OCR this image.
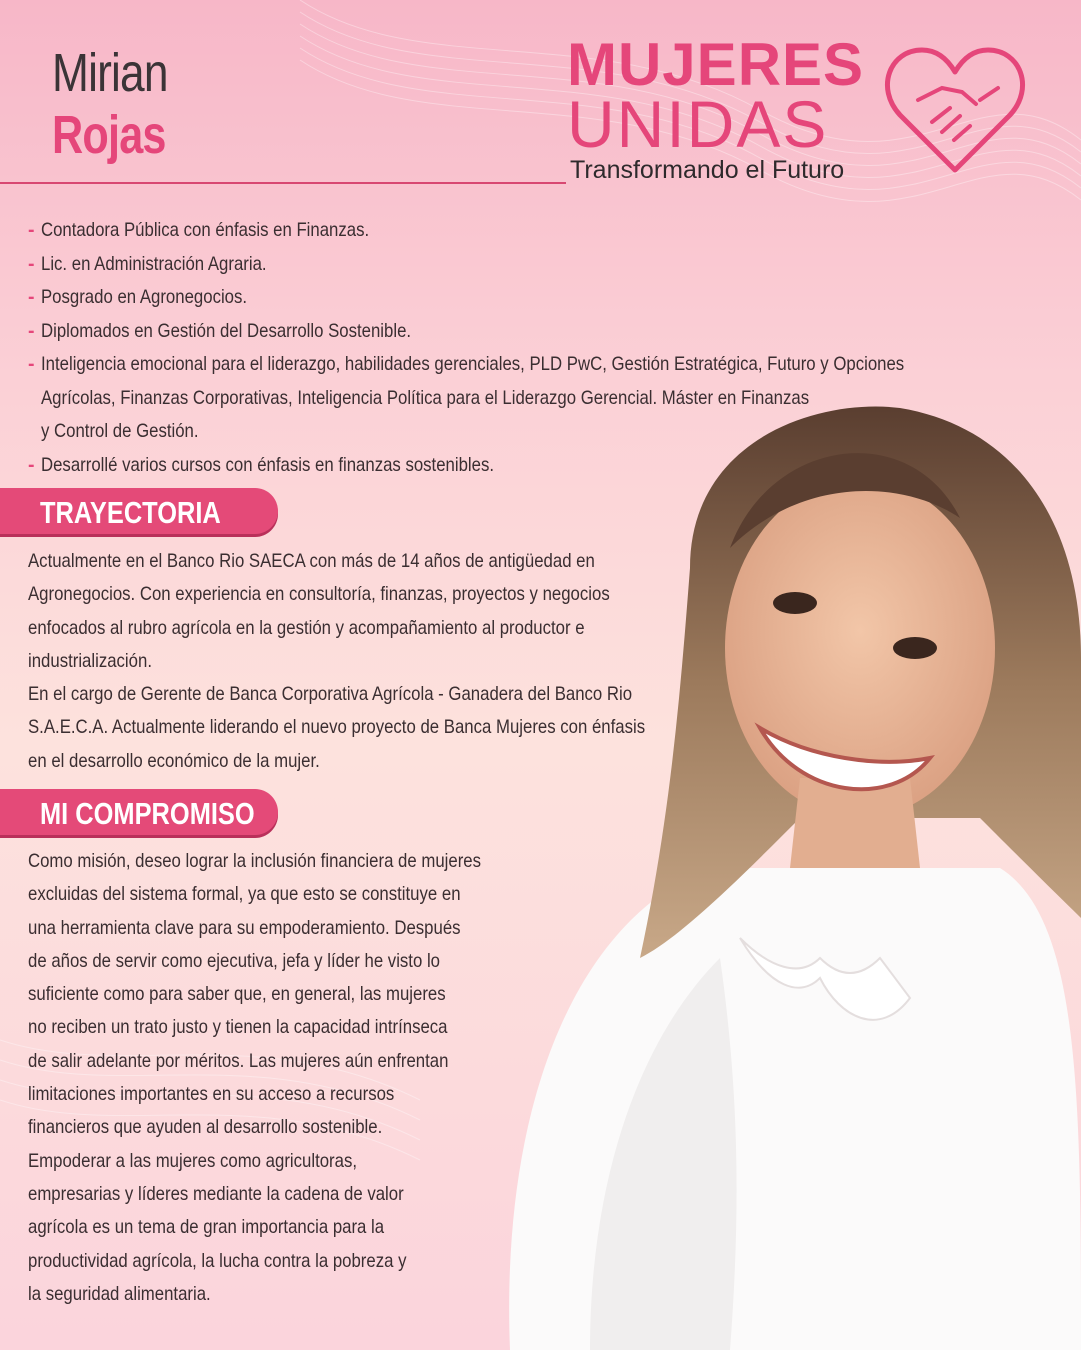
Mirian
Rojas
MUJERES
UNIDAS
Transformando el Futuro
- Contadora Pública con énfasis en Finanzas.
- Lic. en Administración Agraria.
- Posgrado en Agronegocios.
- Diplomados en Gestión del Desarrollo Sostenible.
- Inteligencia emocional para el liderazgo, habilidades gerenciales, PLD PwC, Gestión Estratégica, Futuro y Opciones
Agrícolas, Finanzas Corporativas, Inteligencia Política para el Liderazgo Gerencial. Máster en Finanzas
y Control de Gestión.
- Desarrollé varios cursos con énfasis en finanzas sostenibles.
TRAYECTORIA
Actualmente en el Banco Rio SAECA con más de 14 años de antigüedad en
Agronegocios. Con experiencia en consultoría, finanzas, proyectos y negocios
enfocados al rubro agrícola en la gestión y acompañamiento al productor e
industrialización.
En el cargo de Gerente de Banca Corporativa Agrícola - Ganadera del Banco Rio
S.A.E.C.A. Actualmente liderando el nuevo proyecto de Banca Mujeres con énfasis
en el desarrollo económico de la mujer.
MI COMPROMISO
Como misión, deseo lograr la inclusión financiera de mujeres
excluidas del sistema formal, ya que esto se constituye en
una herramienta clave para su empoderamiento. Después
de años de servir como ejecutiva, jefa y líder he visto lo
suficiente como para saber que, en general, las mujeres
no reciben un trato justo y tienen la capacidad intrínseca
de salir adelante por méritos. Las mujeres aún enfrentan
limitaciones importantes en su acceso a recursos
financieros que ayuden al desarrollo sostenible.
Empoderar a las mujeres como agricultoras,
empresarias y líderes mediante la cadena de valor
agrícola es un tema de gran importancia para la
productividad agrícola, la lucha contra la pobreza y
la seguridad alimentaria.
